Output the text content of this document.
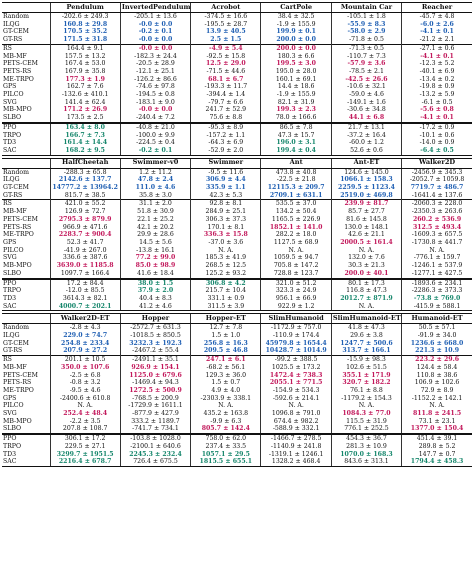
	Pendulum	InvertedPendulum	Acrobot	CartPole	Mountain Car	Reacher
Random	-202.6 ± 249.3	-205.1 ± 13.6	-374.5 ± 16.6	38.4 ± 32.5	-105.1 ± 1.8	-45.7 ± 4.8
ILQG	160.8 ± 29.8	-0.0 ± 0.0	-195.5 ± 28.7	-1.9 ± 155.9	-55.9 ± 8.3	-6.0 ± 2.6
GT-CEM	170.5 ± 35.2	-0.2 ± 0.1	13.9 ± 40.5	199.9 ± 0.1	-58.0 ± 2.9	-4.1 ± 0.1
GT-RS	171.5 ± 31.8	-0.0 ± 0.0	2.5 ± 1.5	200.0 ± 0.0	-71.8 ± 0.5	-21.2 ± 2.1
RS	164.4 ± 9.1	-0.0 ± 0.0	-4.9 ± 5.4	200.0 ± 0.0	-71.3 ± 0.5	-27.1 ± 0.6
MB-MF	157.5 ± 13.2	-182.3 ± 24.4	-92.5 ± 15.8	180.3 ± 6.6	-110.7 ± 7.3	-4.1 ± 0.1
PETS-CEM	167.4 ± 53.0	-20.5 ± 28.9	12.5 ± 29.0	199.5 ± 3.0	-57.9 ± 3.6	-12.3 ± 5.2
PETS-RS	167.9 ± 35.8	-12.1 ± 25.1	-71.5 ± 44.6	195.0 ± 28.0	-78.5 ± 2.1	-40.1 ± 6.9
ME-TRPO	177.3 ± 1.9	-126.2 ± 86.6	68.1 ± 6.7	160.1 ± 69.1	-42.5 ± 26.6	-13.4 ± 0.2
GPS	162.7 ± 7.6	-74.6 ± 97.8	-193.3 ± 11.7	14.4 ± 18.6	-10.6 ± 32.1	-19.8 ± 0.9
PILCO	-132.6 ± 410.1	-194.5 ± 0.8	-394.4 ± 1.4	-1.9 ± 155.9	-59.0 ± 4.6	-13.2 ± 5.9
SVG	141.4 ± 62.4	-183.1 ± 9.0	-79.7 ± 6.6	82.1 ± 31.9	-149.1 ± 1.6	-6.1 ± 0.5
MB-MPO	171.2 ± 26.9	-0.0 ± 0.0	241.7 ± 52.9	199.3 ± 2.3	-30.6 ± 34.8	-5.6 ± 0.8
SLBO	173.5 ± 2.5	-240.4 ± 7.2	75.6 ± 8.8	78.0 ± 166.6	44.1 ± 6.8	-4.1 ± 0.1
PPO	163.4 ± 8.0	-40.8 ± 21.0	-95.3 ± 8.9	86.5 ± 7.8	21.7 ± 13.1	-17.2 ± 0.9
TRPO	166.7 ± 7.3	-100.0 ± 9.9	-157.2 ± 1.1	47.3 ± 15.7	-37.2 ± 16.4	-10.1 ± 0.6
TD3	161.4 ± 14.4	-224.5 ± 0.4	-64.3 ± 6.9	196.0 ± 3.1	-60.0 ± 1.2	-14.0 ± 0.9
SAC	168.2 ± 9.5	-0.2 ± 0.1	-52.9 ± 2.0	199.4 ± 0.4	52.6 ± 0.6	-6.4 ± 0.5
	HalfCheetah	Swimmer-v0	Swimmer	Ant	Ant-ET	Walker2D
Random	-288.3 ± 65.8	1.2 ± 11.2	-9.5 ± 11.6	473.8 ± 40.8	124.6 ± 145.0	-2456.9 ± 345.3
ILQG	2142.6 ± 137.7	47.8 ± 2.4	306.9 ± 4.4	-22.5 ± 21.8	1066.1 ± 158.3	-2052.7 ± 1059.8
GT-CEM	14777.2 ± 13964.2	111.0 ± 4.6	335.9 ± 1.1	12115.3 ± 209.7	2259.5 ± 1123.4	7719.7 ± 486.7
GT-RS	815.7 ± 38.5	35.8 ± 3.0	42.3 ± 5.3	2709.1 ± 631.1	2519.0 ± 469.8	-1641.4 ± 137.6
RS	421.0 ± 55.2	31.1 ± 2.0	92.8 ± 8.1	535.5 ± 37.0	239.9 ± 81.7	-2060.3 ± 228.0
MB-MF	126.9 ± 72.7	51.8 ± 30.9	284.9 ± 25.1	134.2 ± 50.4	85.7 ± 27.7	-2350.3 ± 263.6
PETS-CEM	2795.3 ± 879.9	22.1 ± 25.2	306.3 ± 37.3	1165.5 ± 226.9	81.6 ± 145.8	260.2 ± 536.9
PETS-RS	966.9 ± 471.6	42.1 ± 20.2	170.1 ± 8.1	1852.1 ± 141.0	130.0 ± 148.1	312.5 ± 493.4
ME-TRPO	2283.7 ± 900.4	29.9 ± 28.6	336.3 ± 15.8	282.2 ± 18.0	42.6 ± 21.1	-1609.3 ± 657.5
GPS	52.3 ± 41.7	14.5 ± 5.6	-37.0 ± 3.6	1127.5 ± 68.9	2000.5 ± 161.4	-1730.8 ± 441.7
PILCO	-41.9 ± 267.0	-13.8 ± 16.1	N. A.	N. A.	N. A.	N. A.
SVG	336.6 ± 387.6	77.2 ± 99.0	185.3 ± 41.9	1059.5 ± 94.7	132.0 ± 7.6	-776.1 ± 159.7
MB-MPO	3639.0 ± 1185.8	85.0 ± 98.9	268.5 ± 12.5	705.8 ± 147.2	30.3 ± 21.3	-1246.1 ± 537.9
SLBO	1097.7 ± 166.4	41.6 ± 18.4	125.2 ± 93.2	728.8 ± 123.7	200.0 ± 40.1	-1277.1 ± 427.5
PPO	17.2 ± 84.4	38.0 ± 1.5	306.8 ± 4.2	321.0 ± 51.2	80.1 ± 17.3	-1893.6 ± 234.1
TRPO	-12.0 ± 85.5	37.9 ± 2.0	215.7 ± 10.4	323.3 ± 24.9	116.8 ± 47.3	-2286.3 ± 373.3
TD3	3614.3 ± 82.1	40.4 ± 8.3	331.1 ± 0.9	956.1 ± 66.9	2012.7 ± 871.9	-73.8 ± 769.0
SAC	4000.7 ± 202.1	41.2 ± 4.6	311.5 ± 3.9	922.9 ± 1.2	N. A.	-415.9 ± 588.1
	Walker2D-ET	Hopper	Hopper-ET	SlimHumanoid	SlimHumanoid-ET	Humanoid-ET
Random	-2.8 ± 4.3	-2572.7 ± 631.3	12.7 ± 7.8	-1172.9 ± 757.0	41.8 ± 47.3	50.5 ± 57.1
ILQG	229.0 ± 74.7	-1018.5 ± 850.5	1.5 ± 1.0	-110.9 ± 174.4	29.6 ± 3.8	-91.9 ± 34.0
GT-CEM	254.8 ± 233.4	3232.3 ± 192.3	256.8 ± 16.3	45979.8 ± 1654.4	1247.7 ± 500.6	1236.6 ± 668.0
GT-RS	207.9 ± 27.2	-2467.2 ± 55.4	209.5 ± 46.8	10428.7 ± 1014.9	313.7 ± 166.1	221.3 ± 10.9
RS	201.1 ± 10.5	-2491.1 ± 35.1	247.1 ± 6.1	-99.2 ± 388.5	-15.9 ± 98.3	223.2 ± 29.6
MB-MF	350.0 ± 107.6	926.9 ± 154.1	-68.2 ± 56.1	1025.5 ± 173.2	102.6 ± 51.5	124.4 ± 58.4
PETS-CEM	-2.5 ± 6.8	1125.0 ± 679.6	129.3 ± 36.0	1472.4 ± 738.3	355.1 ± 171.9	110.8 ± 38.6
PETS-RS	-0.8 ± 3.2	-1469.4 ± 94.3	1.5 ± 0.7	2055.1 ± 771.5	320.7 ± 182.2	106.9 ± 102.6
ME-TRPO	-9.5 ± 4.6	1272.5 ± 500.9	4.9 ± 4.0	-154.9 ± 534.3	76.1 ± 8.8	72.9 ± 8.9
GPS	-2400.6 ± 610.8	-768.5 ± 200.9	-2303.9 ± 338.1	-592.6 ± 214.1	-1179.2 ± 154.3	-1152.2 ± 142.1
PILCO	N. A.	-1729.9 ± 1611.1	N. A.	N. A.	N. A.	N. A.
SVG	252.4 ± 48.4	-877.9 ± 427.9	435.2 ± 163.8	1096.8 ± 791.0	1084.3 ± 77.0	811.8 ± 241.5
MB-MPO	-2.2 ± 3.5	333.2 ± 1189.7	-9.9 ± 6.3	674.4 ± 982.2	115.5 ± 31.9	73.1 ± 23.1
SLBO	207.8 ± 108.7	-741.7 ± 734.1	805.7 ± 142.4	-588.9 ± 332.1	776.1 ± 252.5	1377.0 ± 150.4
PPO	306.1 ± 17.2	-103.8 ± 1028.0	758.0 ± 62.0	-1466.7 ± 278.5	454.3 ± 36.7	451.4 ± 39.1
TRPO	229.5 ± 27.1	-2100.1 ± 640.6	237.4 ± 33.5	-1140.9 ± 241.8	281.3 ± 10.9	289.8 ± 5.2
TD3	3299.7 ± 1951.5	2245.3 ± 232.4	1057.1 ± 29.5	-1319.1 ± 1246.1	1070.0 ± 168.3	147.7 ± 0.7
SAC	2216.4 ± 678.7	726.4 ± 675.5	1815.5 ± 655.1	1328.2 ± 468.4	843.6 ± 313.1	1794.4 ± 458.3
